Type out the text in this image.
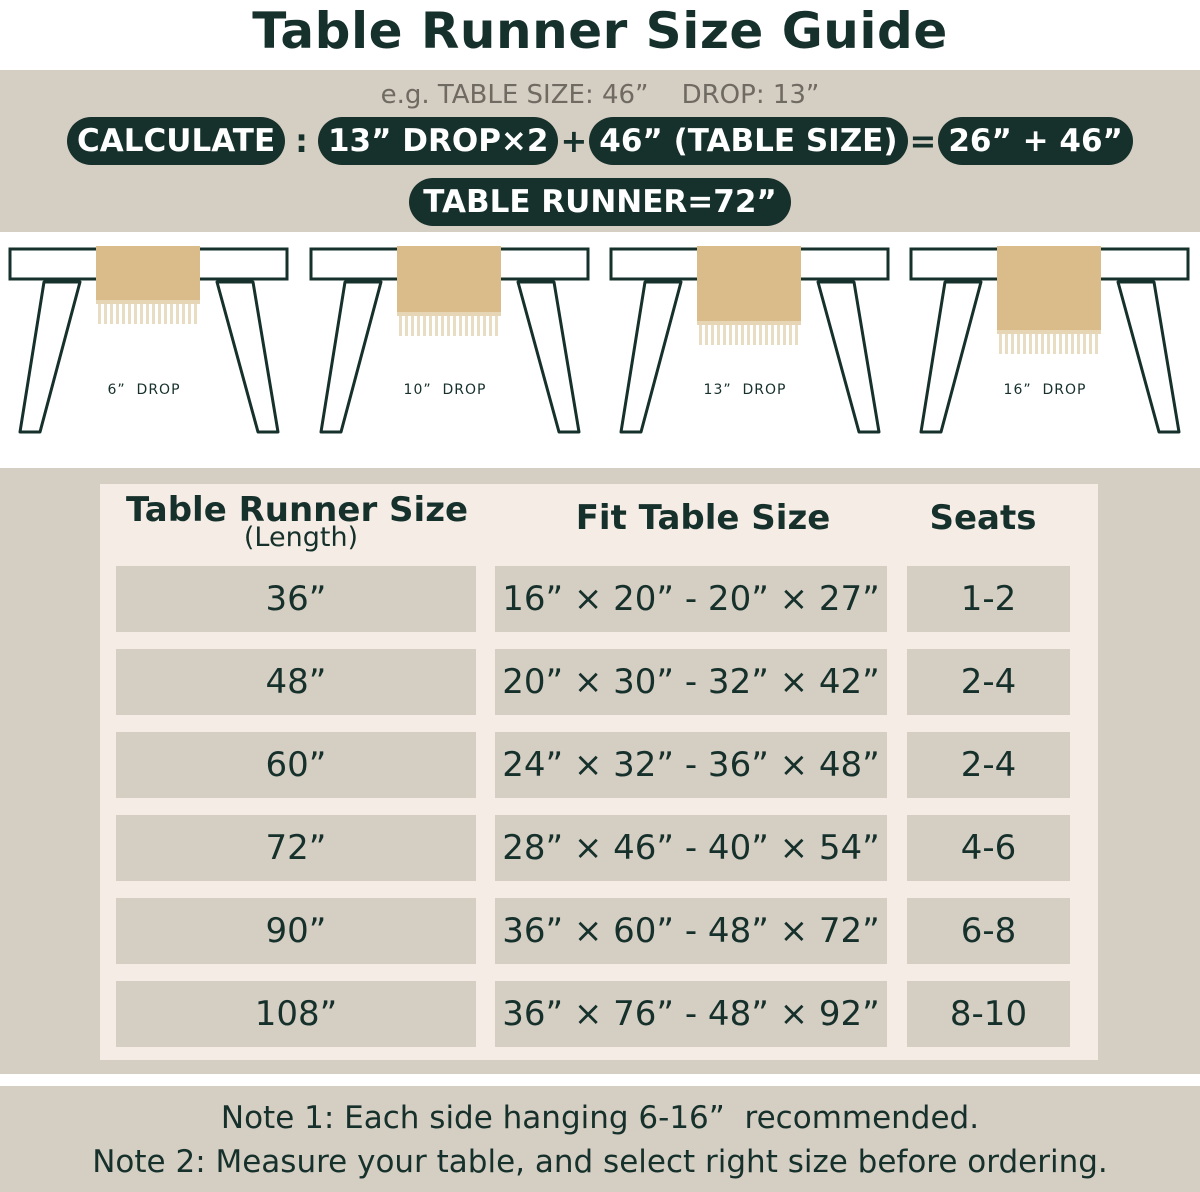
Table Runner Size Guide
e.g. TABLE SIZE: 46”    DROP: 13”
CALCULATE : 13” DROP×2 + 46” (TABLE SIZE) = 26” + 46”
TABLE RUNNER=72”
6”  DROP	10”  DROP	13”  DROP	16”  DROP
Table Runner Size
(Length)	Fit Table Size	Seats
36”	16” × 20” - 20” × 27”	1-2
48”	20” × 30” - 32” × 42”	2-4
60”	24” × 32” - 36” × 48”	2-4
72”	28” × 46” - 40” × 54”	4-6
90”	36” × 60” - 48” × 72”	6-8
108”	36” × 76” - 48” × 92”	8-10
Note 1: Each side hanging 6-16”  recommended.
Note 2: Measure your table, and select right size before ordering.
